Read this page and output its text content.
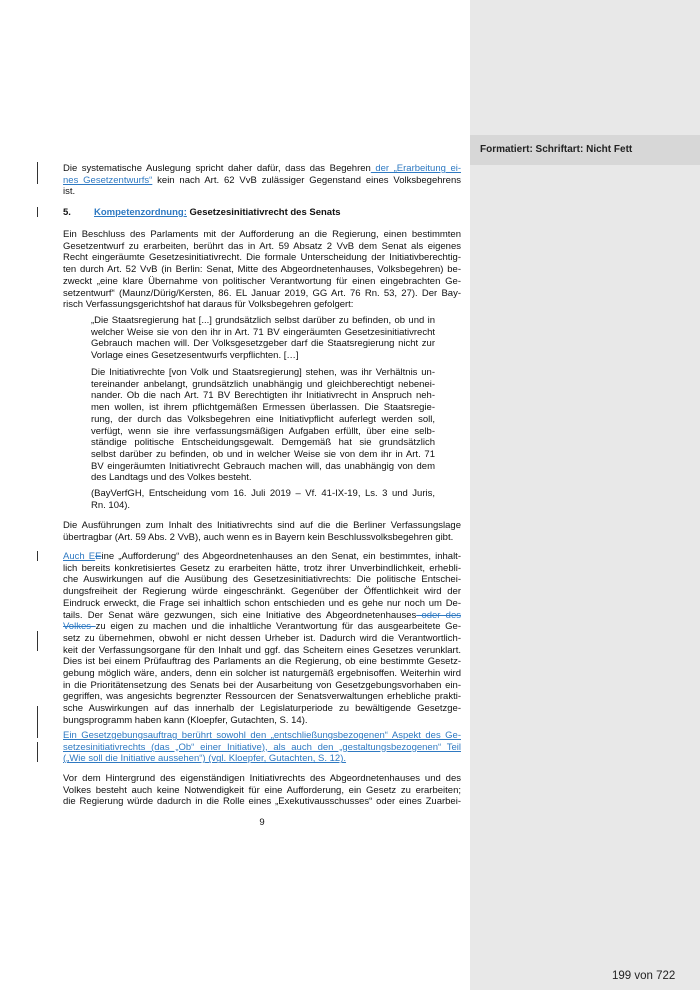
Formatiert: Schriftart: Nicht Fett

Die systematische Auslegung spricht daher dafür, dass das Begehren der „Erarbeitung ei-

nes Gesetzentwurfs“ kein nach Art. 62 VvB zulässiger Gegenstand eines Volksbegehrens

ist.

5. Kompetenzordnung: Gesetzesinitiativrecht des Senats

Ein Beschluss des Parlaments mit der Aufforderung an die Regierung, einen bestimmten

Gesetzentwurf zu erarbeiten, berührt das in Art. 59 Absatz 2 VvB dem Senat als eigenes

Recht eingeräumte Gesetzesinitiativrecht. Die formale Unterscheidung der Initiativberechtig-

ten durch Art. 52 VvB (in Berlin: Senat, Mitte des Abgeordnetenhauses, Volksbegehren) be-

zweckt „eine klare Übernahme von politischer Verantwortung für einen eingebrachten Ge-

setzentwurf“ (Maunz/Dürig/Kersten, 86. EL Januar 2019, GG Art. 76 Rn. 53, 27). Der Bay-

risch Verfassungsgerichtshof hat daraus für Volksbegehren gefolgert:

„Die Staatsregierung hat [...] grundsätzlich selbst darüber zu befinden, ob und in

welcher Weise sie von den ihr in Art. 71 BV eingeräumten Gesetzesinitiativrecht

Gebrauch machen will. Der Volksgesetzgeber darf die Staatsregierung nicht zur

Vorlage eines Gesetzesentwurfs verpflichten. […]

Die Initiativrechte [von Volk und Staatsregierung] stehen, was ihr Verhältnis un-

tereinander anbelangt, grundsätzlich unabhängig und gleichberechtigt nebenei-

nander. Ob die nach Art. 71 BV Berechtigten ihr Initiativrecht in Anspruch neh-

men wollen, ist ihrem pflichtgemäßen Ermessen überlassen. Die Staatsregie-

rung, der durch das Volksbegehren eine Initiativpflicht auferlegt werden soll,

verfügt, wenn sie ihre verfassungsmäßigen Aufgaben erfüllt, über eine selb-

ständige politische Entscheidungsgewalt. Demgemäß hat sie grundsätzlich

selbst darüber zu befinden, ob und in welcher Weise sie von dem ihr in Art. 71

BV eingeräumten Initiativrecht Gebrauch machen will, das unabhängig von dem

des Landtags und des Volkes besteht.

(BayVerfGH, Entscheidung vom 16. Juli 2019 – Vf. 41-IX-19, Ls. 3 und Juris,

Rn. 104).

Die Ausführungen zum Inhalt des Initiativrechts sind auf die die Berliner Verfassungslage

übertragbar (Art. 59 Abs. 2 VvB), auch wenn es in Bayern kein Beschlussvolksbegehren gibt.

Auch EEine „Aufforderung“ des Abgeordnetenhauses an den Senat, ein bestimmtes, inhalt-

lich bereits konkretisiertes Gesetz zu erarbeiten hätte, trotz ihrer Unverbindlichkeit, erhebli-

che Auswirkungen auf die Ausübung des Gesetzesinitiativrechts: Die politische Entschei-

dungsfreiheit der Regierung würde eingeschränkt. Gegenüber der Öffentlichkeit wird der

Eindruck erweckt, die Frage sei inhaltlich schon entschieden und es gehe nur noch um De-

tails. Der Senat wäre gezwungen, sich eine Initiative des Abgeordnetenhauses oder des

Volkes zu eigen zu machen und die inhaltliche Verantwortung für das ausgearbeitete Ge-

setz zu übernehmen, obwohl er nicht dessen Urheber ist. Dadurch wird die Verantwortlich-

keit der Verfassungsorgane für den Inhalt und ggf. das Scheitern eines Gesetzes verunklart.

Dies ist bei einem Prüfauftrag des Parlaments an die Regierung, ob eine bestimmte Gesetz-

gebung möglich wäre, anders, denn ein solcher ist naturgemäß ergebnisoffen. Weiterhin wird

in die Prioritätensetzung des Senats bei der Ausarbeitung von Gesetzgebungsvorhaben ein-

gegriffen, was angesichts begrenzter Ressourcen der Senatsverwaltungen erhebliche prakti-

sche Auswirkungen auf das innerhalb der Legislaturperiode zu bewältigende Gesetzge-

bungsprogramm haben kann (Kloepfer, Gutachten, S. 14).

Ein Gesetzgebungsauftrag berührt sowohl den „entschließungsbezogenen“ Aspekt des Ge-

setzesinitiativrechts (das „Ob“ einer Initiative), als auch den „gestaltungsbezogenen“ Teil

(„Wie soll die Initiative aussehen“) (vgl. Kloepfer, Gutachten, S. 12).

Vor dem Hintergrund des eigenständigen Initiativrechts des Abgeordnetenhauses und des

Volkes besteht auch keine Notwendigkeit für eine Aufforderung, ein Gesetz zu erarbeiten;

die Regierung würde dadurch in die Rolle eines „Exekutivausschusses“ oder eines Zuarbei-

9
199 von 722
